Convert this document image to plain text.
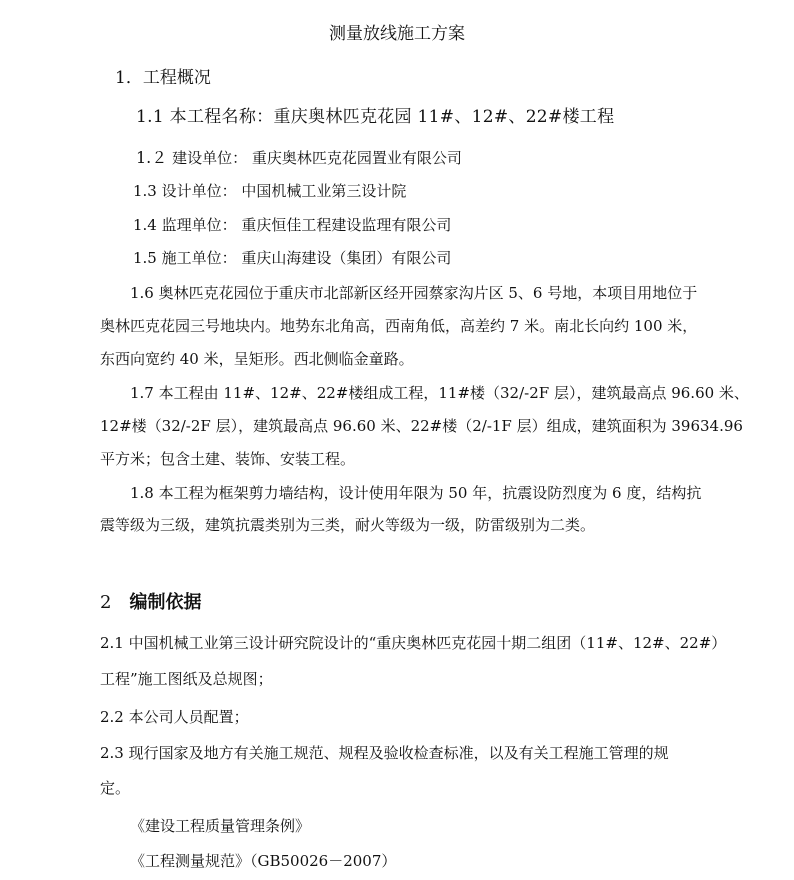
测量放线施工方案

1．工程概况

1.1 本工程名称：重庆奥林匹克花园 11#、12#、22#楼工程

1.２ 建设单位： 重庆奥林匹克花园置业有限公司

1.3 设计单位： 中国机械工业第三设计院

1.4 监理单位： 重庆恒佳工程建设监理有限公司

1.5 施工单位： 重庆山海建设（集团）有限公司

1.6 奥林匹克花园位于重庆市北部新区经开园蔡家沟片区 5、6 号地，本项目用地位于

奥林匹克花园三号地块内。地势东北角高，西南角低，高差约 7 米。南北长向约 100 米，

东西向宽约 40 米，呈矩形。西北侧临金童路。

1.7 本工程由 11#、12#、22#楼组成工程，11#楼（32/-2F 层），建筑最高点 96.60 米、

12#楼（32/-2F 层），建筑最高点 96.60 米、22#楼（2/-1F 层）组成，建筑面积为 39634.96

平方米；包含土建、装饰、安装工程。

1.8 本工程为框架剪力墙结构，设计使用年限为 50 年，抗震设防烈度为 6 度，结构抗

震等级为三级，建筑抗震类别为三类，耐火等级为一级，防雷级别为二类。

2 编制依据

2.1 中国机械工业第三设计研究院设计的“重庆奥林匹克花园十期二组团（11#、12#、22#）

工程”施工图纸及总规图；

2.2 本公司人员配置；

2.3 现行国家及地方有关施工规范、规程及验收检查标准，以及有关工程施工管理的规

定。

《建设工程质量管理条例》

《工程测量规范》（GB50026－2007）
